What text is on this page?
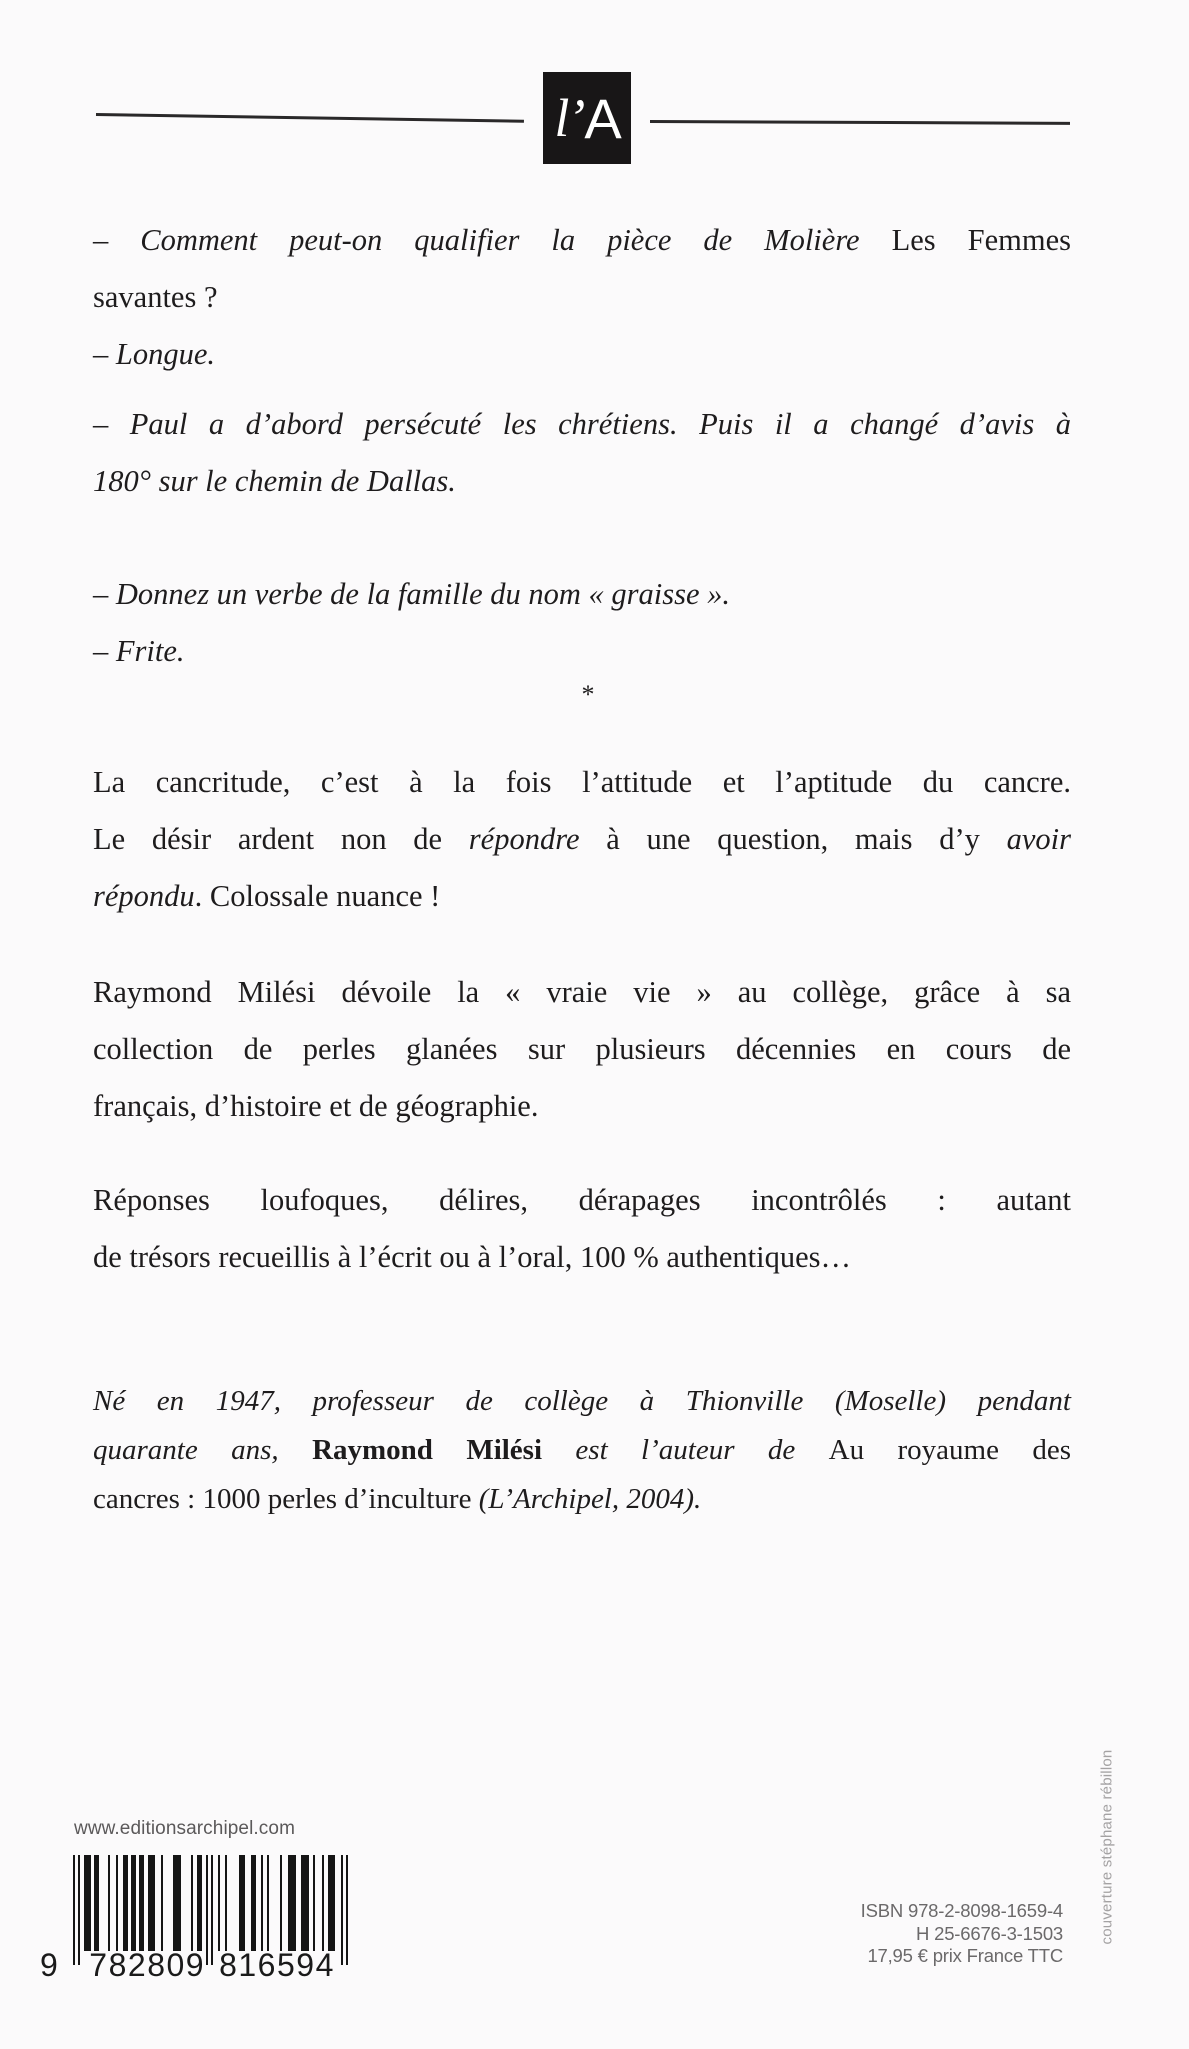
l’ A
– Comment peut-on qualifier la pièce de Molière Les Femmes
savantes ?
– Longue.
– Paul a d’abord persécuté les chrétiens. Puis il a changé d’avis à
180° sur le chemin de Dallas.
– Donnez un verbe de la famille du nom « graisse ».
– Frite.
*
La cancritude, c’est à la fois l’attitude et l’aptitude du cancre.
Le désir ardent non de répondre à une question, mais d’y avoir
répondu. Colossale nuance !
Raymond Milési dévoile la « vraie vie » au collège, grâce à sa
collection de perles glanées sur plusieurs décennies en cours de
français, d’histoire et de géographie.
Réponses loufoques, délires, dérapages incontrôlés : autant
de trésors recueillis à l’écrit ou à l’oral, 100 % authentiques…
Né en 1947, professeur de collège à Thionville (Moselle) pendant
quarante ans, Raymond Milési est l’auteur de Au royaume des
cancres : 1000 perles d’inculture (L’Archipel, 2004).
www.editionsarchipel.com
9 782809 816594
ISBN 978-2-8098-1659-4
H 25-6676-3-1503
17,95 € prix France TTC
couverture stéphane rébillon
